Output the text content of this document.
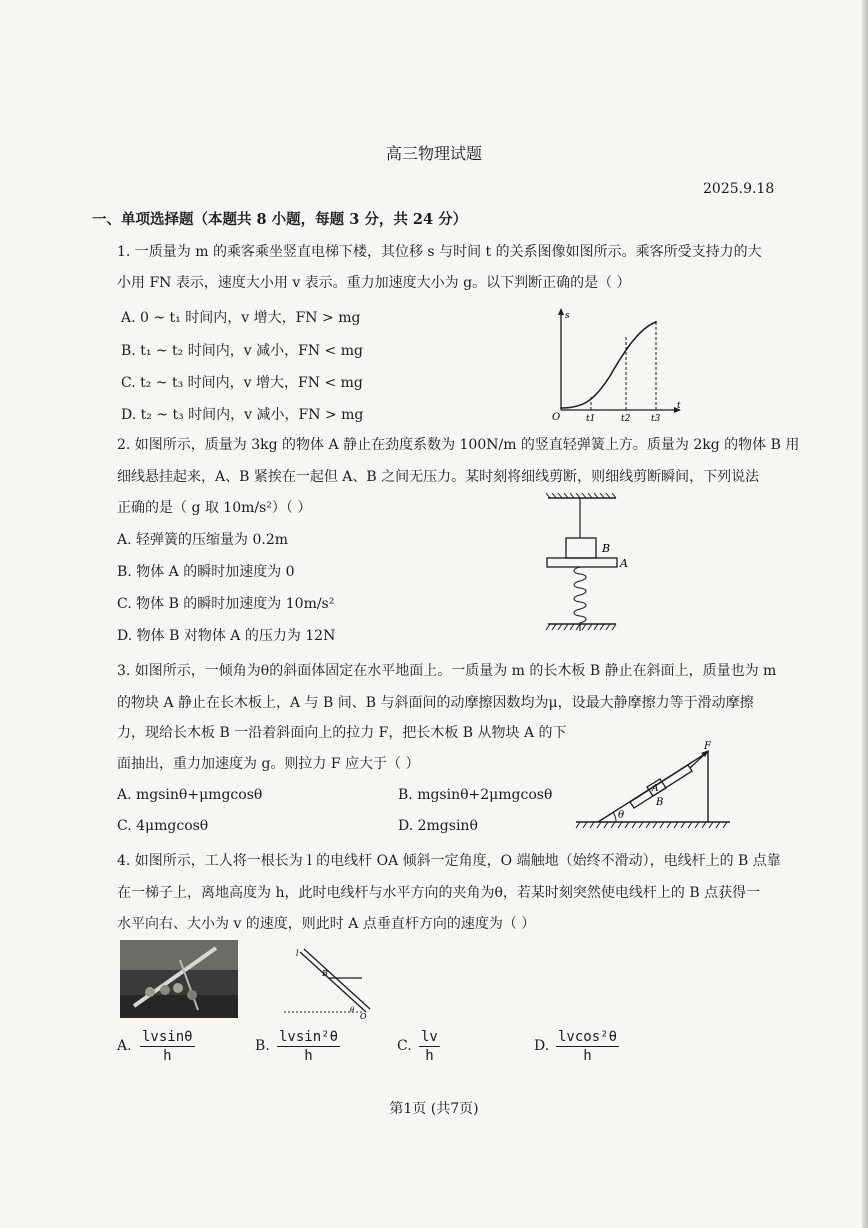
高三物理试题
2025.9.18
一、单项选择题（本题共 8 小题，每题 3 分，共 24 分）
1. 一质量为 m 的乘客乘坐竖直电梯下楼，其位移 s 与时间 t 的关系图像如图所示。乘客所受支持力的大
小用 FN 表示，速度大小用 v 表示。重力加速度大小为 g。以下判断正确的是（ ）
A. 0 ~ t₁ 时间内，v 增大，FN > mg
B. t₁ ~ t₂ 时间内，v 减小，FN < mg
C. t₂ ~ t₃ 时间内，v 增大，FN < mg
D. t₂ ~ t₃ 时间内，v 减小，FN > mg
s
t
O	t1	t2 t3
2. 如图所示，质量为 3kg 的物体 A 静止在劲度系数为 100N/m 的竖直轻弹簧上方。质量为 2kg 的物体 B 用
细线悬挂起来，A、B 紧挨在一起但 A、B 之间无压力。某时刻将细线剪断，则细线剪断瞬间，下列说法
正确的是（ g 取 10m/s²）（ ）
A. 轻弹簧的压缩量为 0.2m
B. 物体 A 的瞬时加速度为 0
C. 物体 B 的瞬时加速度为 10m/s²
D. 物体 B 对物体 A 的压力为 12N
B
A
3. 如图所示，一倾角为θ的斜面体固定在水平地面上。一质量为 m 的长木板 B 静止在斜面上，质量也为 m
的物块 A 静止在长木板上，A 与 B 间、B 与斜面间的动摩擦因数均为μ，设最大静摩擦力等于滑动摩擦
力，现给长木板 B 一沿着斜面向上的拉力 F，把长木板 B 从物块 A 的下
面抽出，重力加速度为 g。则拉力 F 应大于（ ）
A. mgsinθ+μmgcosθ	B. mgsinθ+2μmgcosθ
C. 4μmgcosθ	D. 2mgsinθ
θ
A
B
F
4. 如图所示，工人将一根长为 l 的电线杆 OA 倾斜一定角度，O 端触地（始终不滑动），电线杆上的 B 点靠
在一梯子上，离地高度为 h，此时电线杆与水平方向的夹角为θ，若某时刻突然使电线杆上的 B 点获得一
水平向右、大小为 v 的速度，则此时 A 点垂直杆方向的速度为（ ）
l
B
θ
O
A. $\frac{lvsin\theta}{h}$	B. $\frac{\text{lvsin²θ}}{h}$	C. $\frac{lv}{h}$	D. $\frac{\text{lvcos²θ}}{h}$
第1页 (共7页)
